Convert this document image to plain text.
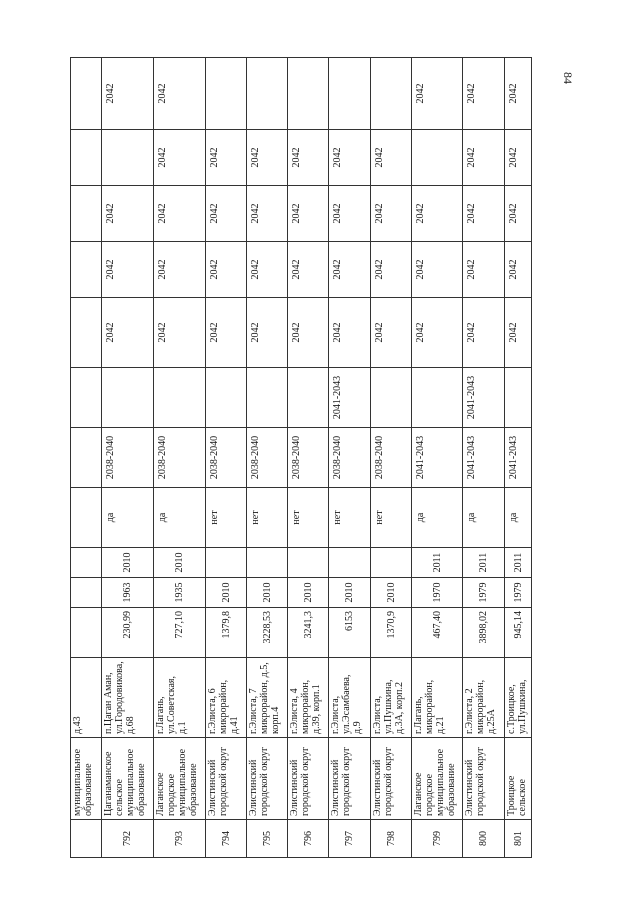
84
	муниципальное образование	д.43											
792	Цаганаманское сельское муниципальное образование	п.Цаган Аман, ул.Городовикова, д.68	230,99	1963	2010	да	2038-2040		2042	2042	2042		2042
793	Лаганское городское муниципальное образование	г.Лагань, ул.Советская, д.1	727,10	1935	2010	да	2038-2040		2042	2042	2042	2042	2042
794	Элистинский городской округ	г.Элиста, 6 микрорайон, д.41	1379,8	2010		нет	2038-2040		2042	2042	2042	2042	
795	Элистинский городской округ	г.Элиста, 7 микрорайон, д.5, корп.4	3228,53	2010		нет	2038-2040		2042	2042	2042	2042	
796	Элистинский городской округ	г.Элиста, 4 микрорайон, д.39, корп.1	3241,3	2010		нет	2038-2040		2042	2042	2042	2042	
797	Элистинский городской округ	г.Элиста, ул.Эсамбаева, д.9	6153	2010		нет	2038-2040	2041-2043	2042	2042	2042	2042	
798	Элистинский городской округ	г.Элиста, ул.Пушкина, д.3А, корп.2	1370,9	2010		нет	2038-2040		2042	2042	2042	2042	
799	Лаганское городское муниципальное образование	г.Лагань, микрорайон, д.21	467,40	1970	2011	да	2041-2043		2042	2042	2042		2042
800	Элистинский городской округ	г.Элиста, 2 микрорайон, д.25А	3898,02	1979	2011	да	2041-2043	2041-2043	2042	2042	2042	2042	2042
801	Троицкое сельское	с.Троицкое, ул.Пушкина,	945,14	1979	2011	да	2041-2043		2042	2042	2042	2042	2042
